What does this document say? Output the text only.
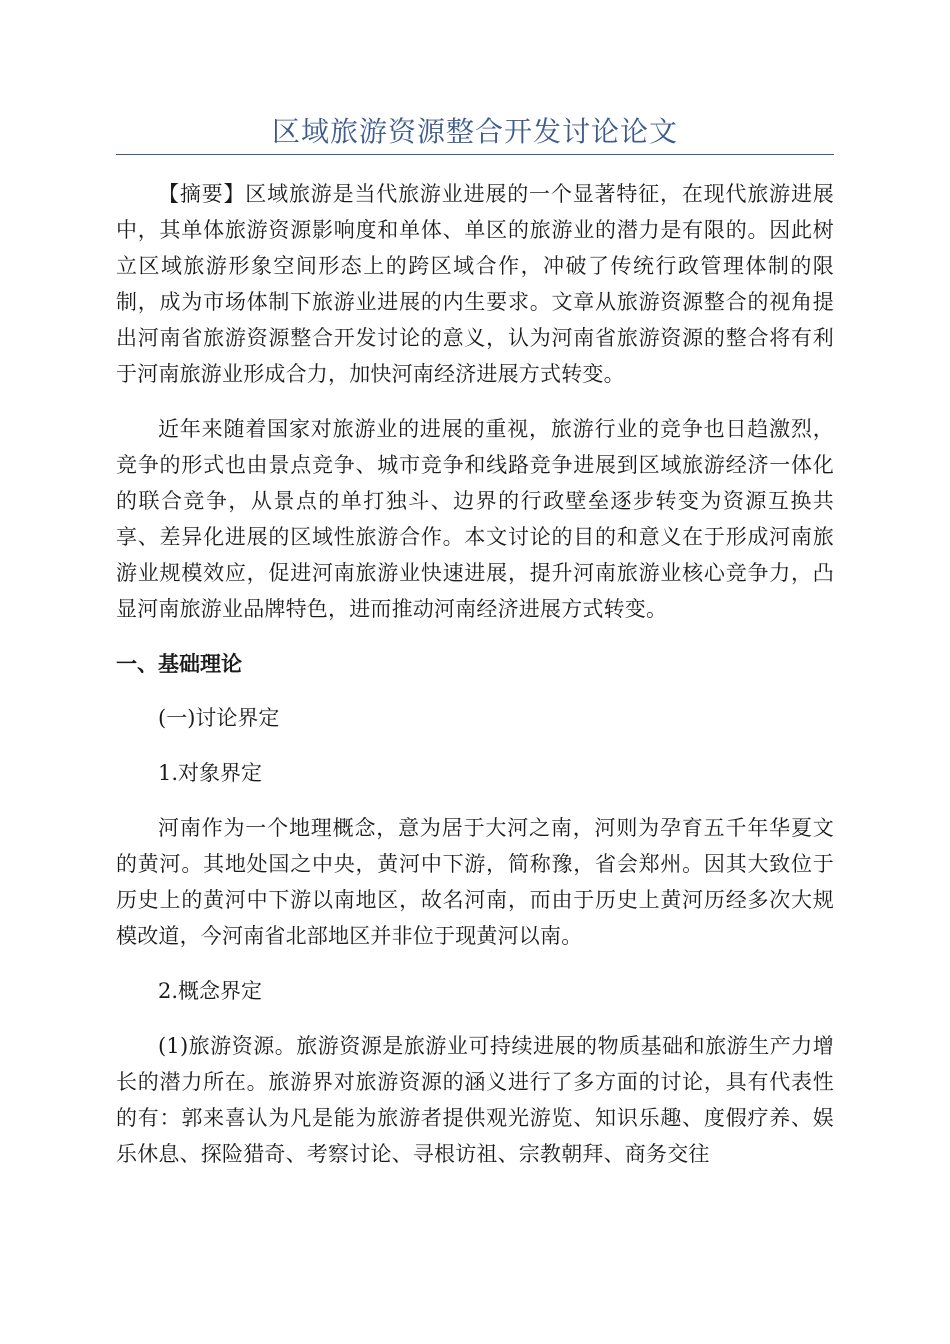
区域旅游资源整合开发讨论论文

【摘要】区域旅游是当代旅游业进展的一个显著特征，在现代旅游进展中，其单体旅游资源影响度和单体、单区的旅游业的潜力是有限的。因此树立区域旅游形象空间形态上的跨区域合作，冲破了传统行政管理体制的限制，成为市场体制下旅游业进展的内生要求。文章从旅游资源整合的视角提出河南省旅游资源整合开发讨论的意义，认为河南省旅游资源的整合将有利于河南旅游业形成合力，加快河南经济进展方式转变。

近年来随着国家对旅游业的进展的重视，旅游行业的竞争也日趋激烈，竞争的形式也由景点竞争、城市竞争和线路竞争进展到区域旅游经济一体化的联合竞争，从景点的单打独斗、边界的行政壁垒逐步转变为资源互换共享、差异化进展的区域性旅游合作。本文讨论的目的和意义在于形成河南旅游业规模效应，促进河南旅游业快速进展，提升河南旅游业核心竞争力，凸显河南旅游业品牌特色，进而推动河南经济进展方式转变。

一、基础理论
(一)讨论界定
1.对象界定

河南作为一个地理概念，意为居于大河之南，河则为孕育五千年华夏文的黄河。其地处国之中央，黄河中下游，简称豫，省会郑州。因其大致位于历史上的黄河中下游以南地区，故名河南，而由于历史上黄河历经多次大规模改道，今河南省北部地区并非位于现黄河以南。

2.概念界定

(1)旅游资源。旅游资源是旅游业可持续进展的物质基础和旅游生产力增长的潜力所在。旅游界对旅游资源的涵义进行了多方面的讨论，具有代表性的有：郭来喜认为凡是能为旅游者提供观光游览、知识乐趣、度假疗养、娱乐休息、探险猎奇、考察讨论、寻根访祖、宗教朝拜、商务交往
